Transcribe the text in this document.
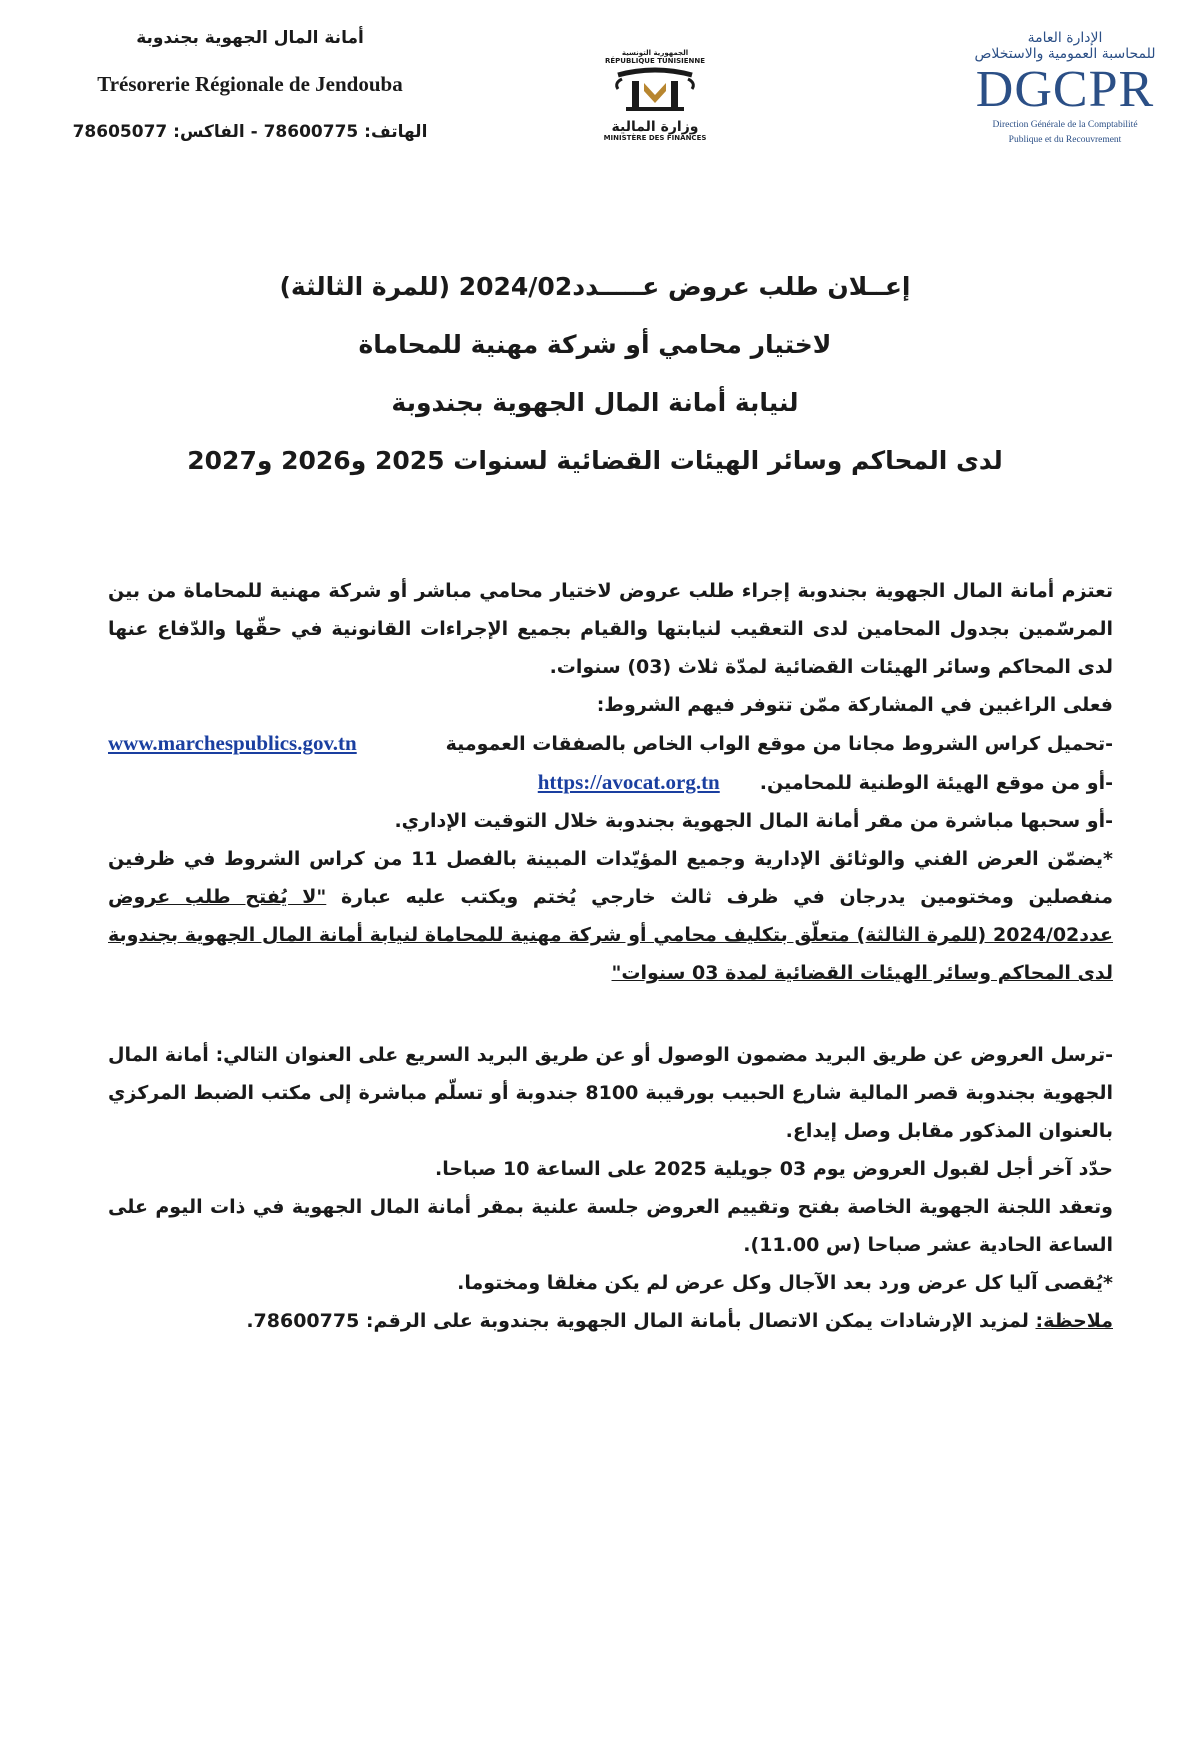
أمانة المال الجهوية بجندوبة
Trésorerie Régionale de Jendouba
الهاتف: 78600775 - الفاكس: 78605077
الجمهورية التونسية
RÉPUBLIQUE TUNISIENNE
وزارة المالية
MINISTÈRE DES FINANCES
الإدارة العامة
للمحاسبة العمومية والاستخلاص
DGCPR
Direction Générale de la Comptabilité
Publique et du Recouvrement
إعــلان طلب عروض عـــــدد2024/02 (للمرة الثالثة)
لاختيار محامي أو شركة مهنية للمحاماة
لنيابة أمانة المال الجهوية بجندوبة
لدى المحاكم وسائر الهيئات القضائية لسنوات 2025 و2026 و2027

تعتزم أمانة المال الجهوية بجندوبة إجراء طلب عروض لاختيار محامي مباشر أو شركة مهنية للمحاماة من بين المرسّمين بجدول المحامين لدى التعقيب لنيابتها والقيام بجميع الإجراءات القانونية في حقّها والدّفاع عنها لدى المحاكم وسائر الهيئات القضائية لمدّة ثلاث (03) سنوات.

فعلى الراغبين في المشاركة ممّن تتوفر فيهم الشروط:

-تحميل كراس الشروط مجانا من موقع الواب الخاص بالصفقات العمومية
www.marchespublics.gov.tn
-أو من موقع الهيئة الوطنية للمحامين.
https://avocat.org.tn

-أو سحبها مباشرة من مقر أمانة المال الجهوية بجندوبة خلال التوقيت الإداري.

*يضمّن العرض الفني والوثائق الإدارية وجميع المؤيّدات المبينة بالفصل 11 من كراس الشروط في ظرفين منفصلين ومختومين يدرجان في ظرف ثالث خارجي يُختم ويكتب عليه عبارة "لا يُفتح طلب عروض عدد2024/02 (للمرة الثالثة) متعلّق بتكليف محامي أو شركة مهنية للمحاماة لنيابة أمانة المال الجهوية بجندوبة لدى المحاكم وسائر الهيئات القضائية لمدة 03 سنوات"

-ترسل العروض عن طريق البريد مضمون الوصول أو عن طريق البريد السريع على العنوان التالي: أمانة المال الجهوية بجندوبة قصر المالية شارع الحبيب بورقيبة 8100 جندوبة أو تسلّم مباشرة إلى مكتب الضبط المركزي بالعنوان المذكور مقابل وصل إيداع.

حدّد آخر أجل لقبول العروض يوم 03 جويلية 2025 على الساعة 10 صباحا.

وتعقد اللجنة الجهوية الخاصة بفتح وتقييم العروض جلسة علنية بمقر أمانة المال الجهوية في ذات اليوم على الساعة الحادية عشر صباحا (س 11.00).

*يُقصى آليا كل عرض ورد بعد الآجال وكل عرض لم يكن مغلقا ومختوما.

ملاحظة: لمزيد الإرشادات يمكن الاتصال بأمانة المال الجهوية بجندوبة على الرقم: 78600775.
